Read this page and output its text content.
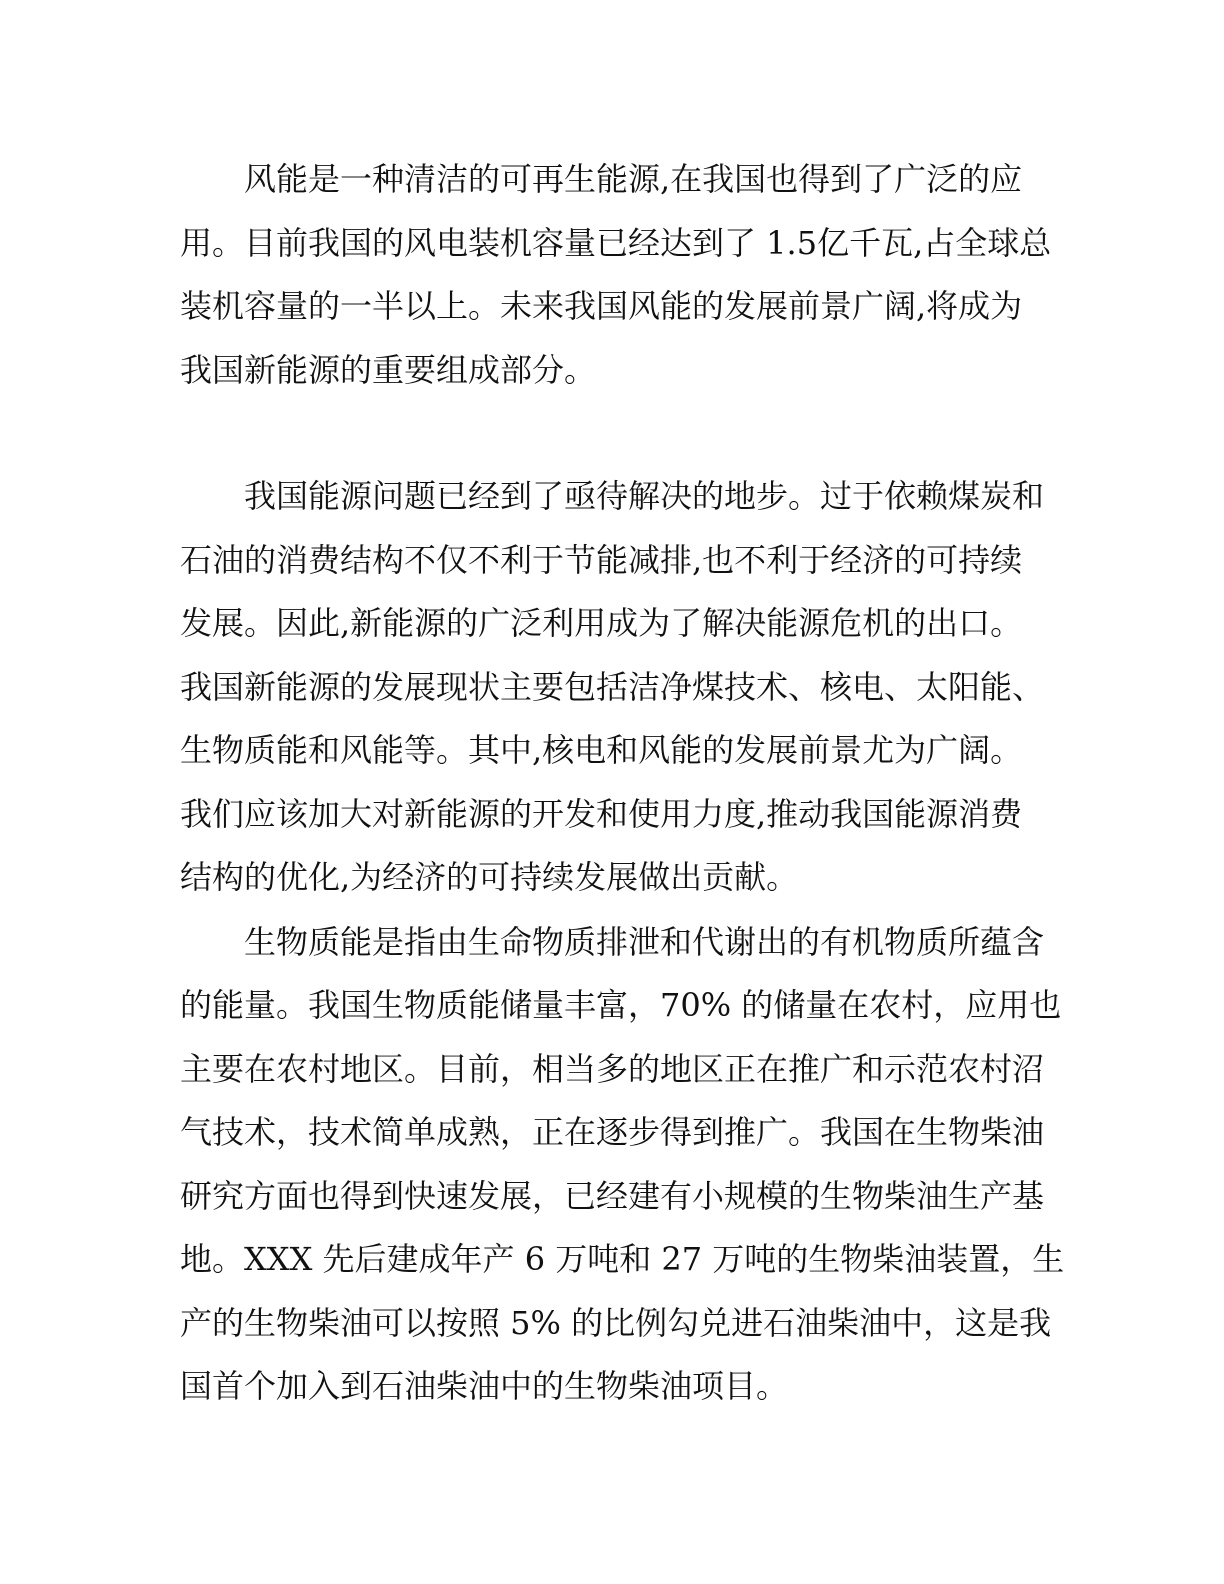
风能是一种清洁的可再生能源,在我国也得到了广泛的应
用。目前我国的风电装机容量已经达到了 1.5亿千瓦,占全球总
装机容量的一半以上。未来我国风能的发展前景广阔,将成为
我国新能源的重要组成部分。

我国能源问题已经到了亟待解决的地步。过于依赖煤炭和
石油的消费结构不仅不利于节能减排,也不利于经济的可持续
发展。因此,新能源的广泛利用成为了解决能源危机的出口。
我国新能源的发展现状主要包括洁净煤技术、核电、太阳能、
生物质能和风能等。其中,核电和风能的发展前景尤为广阔。
我们应该加大对新能源的开发和使用力度,推动我国能源消费
结构的优化,为经济的可持续发展做出贡献。

生物质能是指由生命物质排泄和代谢出的有机物质所蕴含
的能量。我国生物质能储量丰富，70% 的储量在农村，应用也
主要在农村地区。目前，相当多的地区正在推广和示范农村沼
气技术，技术简单成熟，正在逐步得到推广。我国在生物柴油
研究方面也得到快速发展，已经建有小规模的生物柴油生产基
地。XXX 先后建成年产 6 万吨和 27 万吨的生物柴油装置，生
产的生物柴油可以按照 5% 的比例勾兑进石油柴油中，这是我
国首个加入到石油柴油中的生物柴油项目。
